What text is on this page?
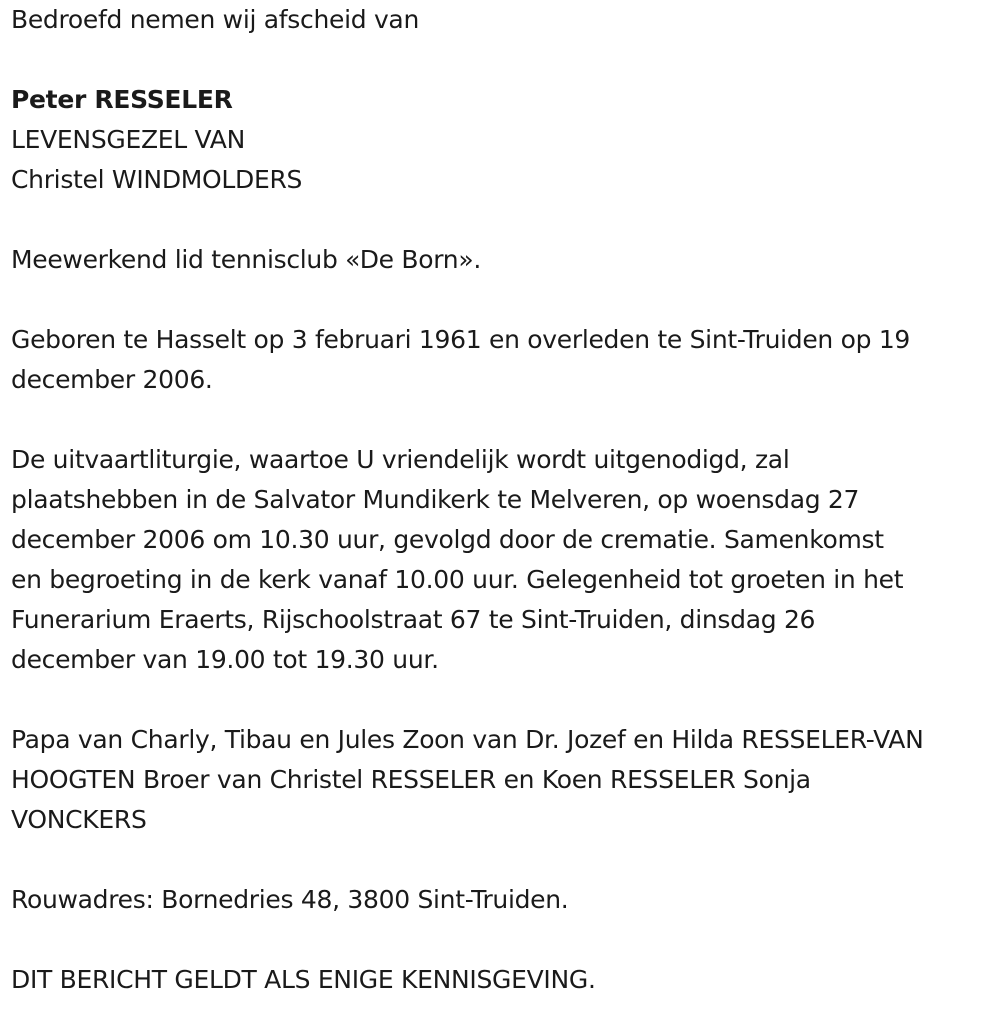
Bedroefd nemen wij afscheid van
Peter RESSELER
LEVENSGEZEL VAN
Christel WINDMOLDERS
Meewerkend lid tennisclub «De Born».
Geboren te Hasselt op 3 februari 1961 en overleden te Sint-Truiden op 19
december 2006.
De uitvaartliturgie, waartoe U vriendelijk wordt uitgenodigd, zal
plaatshebben in de Salvator Mundikerk te Melveren, op woensdag 27
december 2006 om 10.30 uur, gevolgd door de crematie. Samenkomst
en begroeting in de kerk vanaf 10.00 uur. Gelegenheid tot groeten in het
Funerarium Eraerts, Rijschoolstraat 67 te Sint-Truiden, dinsdag 26
december van 19.00 tot 19.30 uur.
Papa van Charly, Tibau en Jules Zoon van Dr. Jozef en Hilda RESSELER-VAN
HOOGTEN Broer van Christel RESSELER en Koen RESSELER Sonja
VONCKERS
Rouwadres: Bornedries 48, 3800 Sint-Truiden.
DIT BERICHT GELDT ALS ENIGE KENNISGEVING.
